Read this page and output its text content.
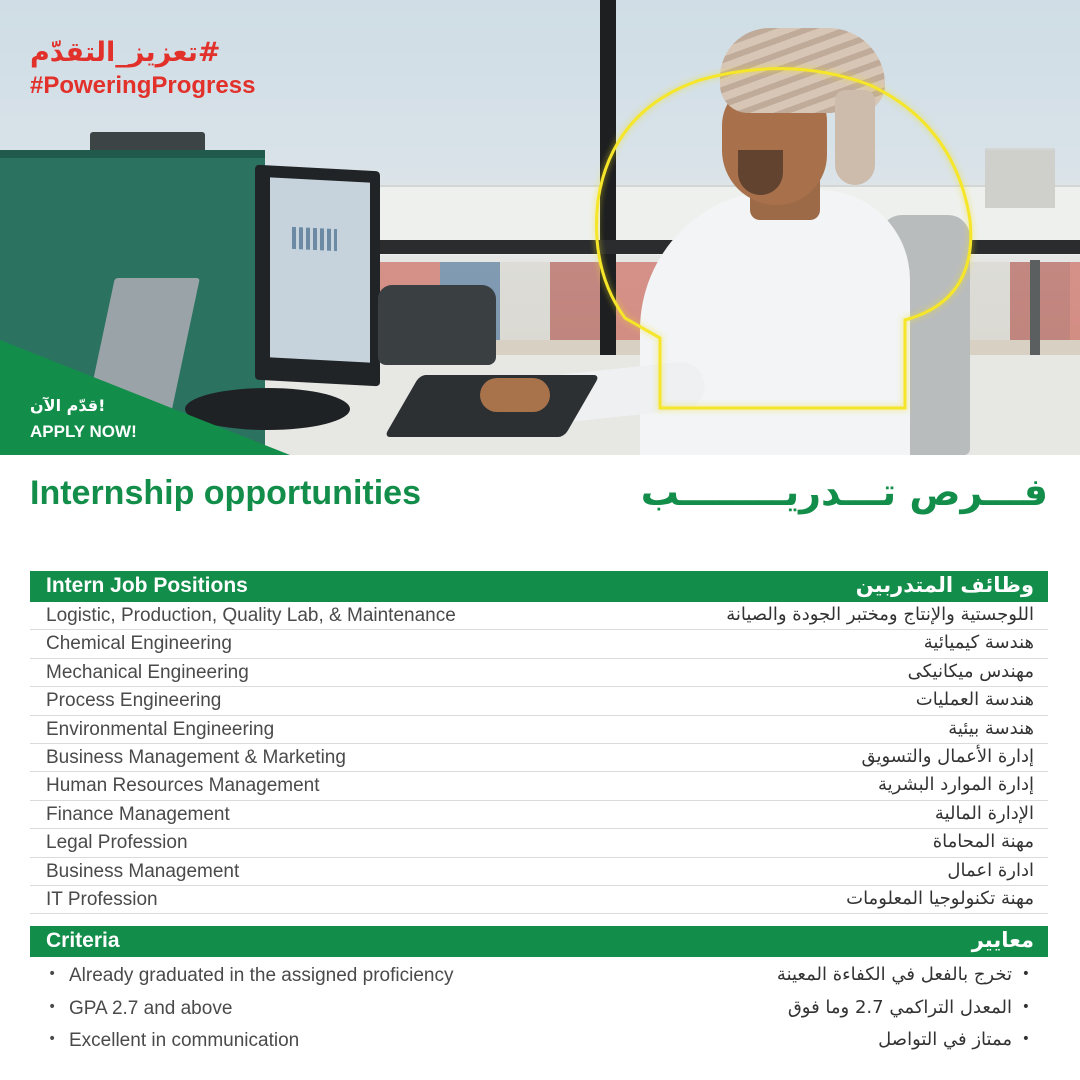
#تعزيز_التقدّم
#PoweringProgress
قدّم الآن!
APPLY NOW!
Internship opportunities	فـــرص تـــدريــــــــب
Intern Job Positions	وظائف المتدربين
Logistic, Production, Quality Lab, & Maintenance	اللوجستية والإنتاج ومختبر الجودة والصيانة
Chemical Engineering	هندسة كيميائية
Mechanical Engineering	مهندس ميكانيكى
Process Engineering	هندسة العمليات
Environmental Engineering	هندسة بيئية
Business Management & Marketing	إدارة الأعمال والتسويق
Human Resources Management	إدارة الموارد البشرية
Finance Management	الإدارة المالية
Legal Profession	مهنة المحاماة
Business Management	ادارة اعمال
IT Profession	مهنة تكنولوجيا المعلومات
Criteria	معايير
• Already graduated in the assigned proficiency	تخرج بالفعل في الكفاءة المعينة •
• GPA 2.7 and above	المعدل التراكمي 2.7 وما فوق •
• Excellent in communication	ممتاز في التواصل •
